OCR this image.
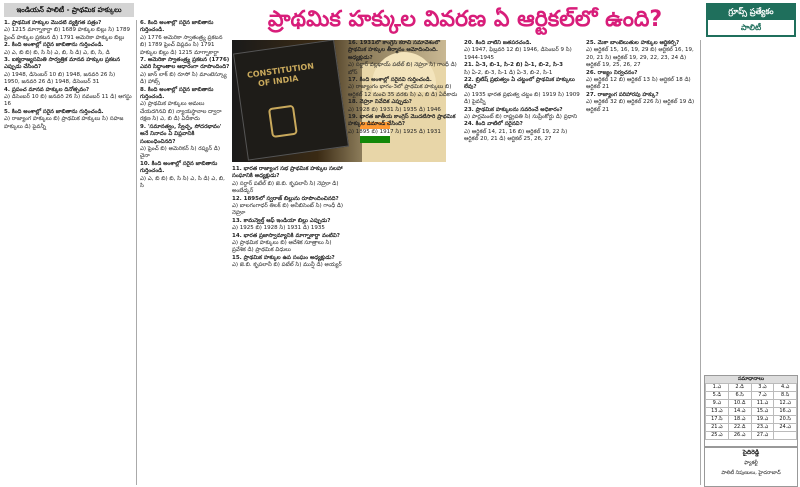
ఇండియన్ పాలిటీ - ప్రాథమిక హక్కులు	ప్రాథమిక హక్కుల వివరణ ఏ ఆర్టికల్‌లో ఉంది?	గ్రూప్స్ ప్రత్యేకం
పాలిటీ
CONSTITUTION OF INDIA

1. ప్రాథమిక హక్కుల మొదటి వ్యక్తిగత పత్రం?

ఎ) 1215 మాగ్నాకార్టా బి) 1689 హక్కుల బిల్లు సి) 1789 ఫ్రెంచ్ హక్కుల ప్రకటన డి) 1791 అమెరికా హక్కుల బిల్లు

2. కింది అంశాల్లో సరైన జాబితాను గుర్తించండి.

ఎ) ఎ, బి బి) బి, సి సి) ఎ, బి, సి డి) ఎ, బి, సి, డి

3. ఐక్యరాజ్యసమితి సార్వత్రిక మానవ హక్కుల ప్రకటన ఎప్పుడు చేసింది?

ఎ) 1948, డిసెంబర్ 10 బి) 1948, జనవరి 26 సి) 1950, జనవరి 26 డి) 1948, డిసెంబర్ 31

4. ప్రపంచ మానవ హక్కుల దినోత్సవం?

ఎ) డిసెంబర్ 10 బి) జనవరి 26 సి) నవంబర్ 11 డి) ఆగస్టు 16

5. కింది అంశాల్లో సరైన జాబితాను గుర్తించండి.

ఎ) రాజ్యాంగ హక్కులు బి) ప్రాథమిక హక్కులు సి) సహజ హక్కులు డి) పైవన్నీ

6. కింది అంశాల్లో సరైన జాబితాను గుర్తించండి.

ఎ) 1776 అమెరికా స్వాతంత్ర్య ప్రకటన బి) 1789 ఫ్రెంచ్ విప్లవం సి) 1791 హక్కుల బిల్లు డి) 1215 మాగ్నాకార్టా

7. అమెరికా స్వాతంత్ర్య ప్రకటన (1776) ఎవరి సిద్ధాంతాల ఆధారంగా రూపొందింది?

ఎ) జాన్ లాక్ బి) రూసో సి) మాంటెస్క్యూ డి) హాబ్స్

8. కింది అంశాల్లో సరైన జాబితాను గుర్తించండి.

ఎ) ప్రాథమిక హక్కులు అమలు చేయదగినవి బి) న్యాయస్థానాల ద్వారా రక్షణ సి) ఎ, బి డి) ఏదీకాదు

9. 'సమానత్వం, స్వేచ్ఛ, సోదరభావం' అనే నినాదం ఏ విప్లవానికి సంబంధించినది?

ఎ) ఫ్రెంచ్ బి) అమెరికన్ సి) రష్యన్ డి) చైనా

10. కింది అంశాల్లో సరైన జాబితాను గుర్తించండి.

ఎ) ఎ, బి బి) బి, సి సి) ఎ, సి డి) ఎ, బి, సి

11. భారత రాజ్యాంగ సభ ప్రాథమిక హక్కుల సలహా సంఘానికి అధ్యక్షుడు?

ఎ) సర్దార్ పటేల్ బి) జె.బి. కృపలానీ సి) నెహ్రూ డి) అంబేడ్కర్

12. 1895లో స్వరాజ్ బిల్లును రూపొందించినది?

ఎ) బాలగంగాధర్ తిలక్ బి) అనీబిసెంట్ సి) గాంధీ డి) నెహ్రూ

13. కామన్వెల్త్ ఆఫ్ ఇండియా బిల్లు ఎప్పుడు?

ఎ) 1925 బి) 1928 సి) 1931 డి) 1935

14. భారత ప్రజాస్వామ్యానికి మాగ్నాకార్టా వంటివి?

ఎ) ప్రాథమిక హక్కులు బి) ఆదేశిక సూత్రాలు సి) ప్రవేశిక డి) ప్రాథమిక విధులు

15. ప్రాథమిక హక్కుల ఉప సంఘం అధ్యక్షుడు?

ఎ) జె.బి. కృపలానీ బి) పటేల్ సి) మున్షీ డి) అయ్యర్

16. 1931లో కాంగ్రెస్ కరాచీ సమావేశంలో ప్రాథమిక హక్కుల తీర్మానం ఆమోదించింది. అధ్యక్షుడు?

ఎ) సర్దార్ వల్లభాయ్ పటేల్ బి) నెహ్రూ సి) గాంధీ డి) బోస్

17. కింది అంశాల్లో సరైనవి గుర్తించండి.

ఎ) రాజ్యాంగం భాగం-3లో ప్రాథమిక హక్కులు బి) ఆర్టికల్ 12 నుంచి 35 వరకు సి) ఎ, బి డి) ఏదీకాదు

18. నెహ్రూ నివేదిక ఎప్పుడు?

ఎ) 1928 బి) 1931 సి) 1935 డి) 1946

19. భారత జాతీయ కాంగ్రెస్ మొదటిసారి ప్రాథమిక హక్కుల డిమాండ్ చేసింది?

ఎ) 1895 బి) 1917 సి) 1925 డి) 1931

20. కింది వాటిని జతపరచండి.

ఎ) 1947, ఫిబ్రవరి 12 బి) 1946, డిసెంబర్ 9 సి) 1944-1945

21. ఏ-3, బి-1, సి-2 బి) ఏ-1, బి-2, సి-3

సి) ఏ-2, బి-3, సి-1 డి) ఏ-3, బి-2, సి-1

22. బ్రిటిష్ ప్రభుత్వం ఏ చట్టంలో ప్రాథమిక హక్కులు లేవు?

ఎ) 1935 భారత ప్రభుత్వ చట్టం బి) 1919 సి) 1909 డి) పైవన్నీ

23. ప్రాథమిక హక్కులను సవరించే అధికారం?

ఎ) పార్లమెంట్ బి) రాష్ట్రపతి సి) సుప్రీంకోర్టు డి) ప్రధాని

24. కింది వాటిలో సరైనవి?

ఎ) ఆర్టికల్ 14, 21, 16 బి) ఆర్టికల్ 19, 22 సి) ఆర్టికల్ 20, 21 డి) ఆర్టికల్ 25, 26, 27

25. మేకా బాంబేలుతుల హక్కుల ఆర్టికల్స్?

ఎ) ఆర్టికల్ 15, 16, 19, 29 బి) ఆర్టికల్ 16, 19, 20, 21 సి) ఆర్టికల్ 19, 29, 22, 23, 24 డి) ఆర్టికల్ 19, 25, 26, 27

26. రాజ్యం నిర్వచనం?

ఎ) ఆర్టికల్ 12 బి) ఆర్టికల్ 13 సి) ఆర్టికల్ 18 డి) ఆర్టికల్ 21

27. రాజ్యాంగ పరిహారపు హక్కు?

ఎ) ఆర్టికల్ 32 బి) ఆర్టికల్ 226 సి) ఆర్టికల్ 19 డి) ఆర్టికల్ 21

సమాధానాలు
1.ఎ	2.డి	3.ఎ	4.ఎ
5.డి	6.సి	7.ఎ	8.సి
9.ఎ	10.డి	11.ఎ	12.ఎ
13.ఎ	14.ఎ	15.ఎ	16.ఎ
17.సి	18.ఎ	19.ఎ	20.సి
21.ఎ	22.డి	23.ఎ	24.ఎ
25.ఎ	26.ఎ	27.ఎ	
సైదిరెడ్డి
ఫ్యాకల్టీ
పాలిటీ నిపుణులు, హైదరాబాద్
